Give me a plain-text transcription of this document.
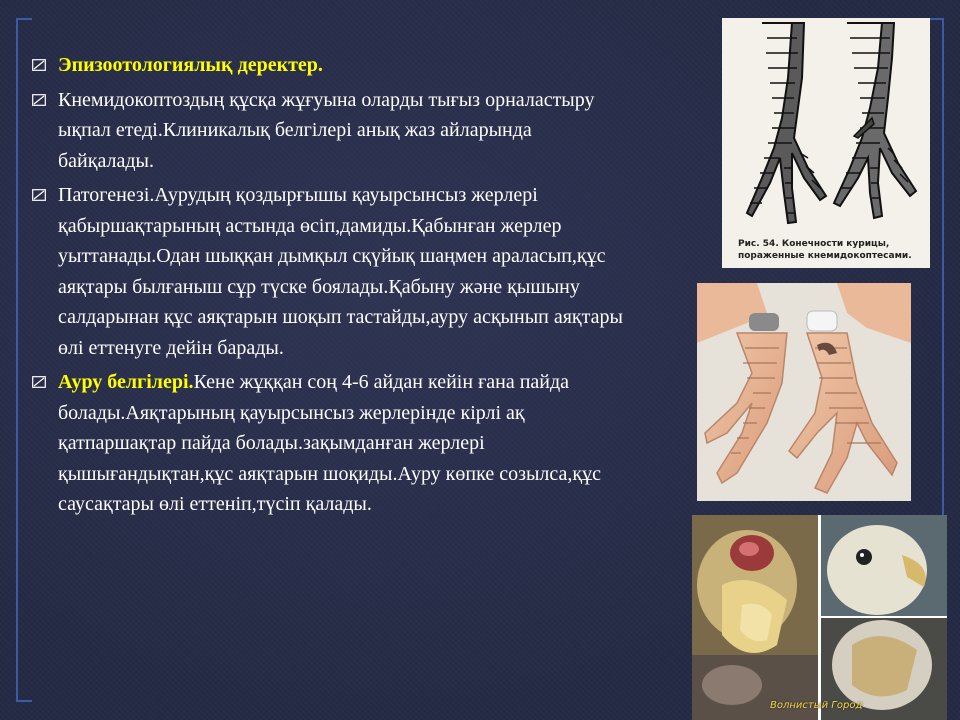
Эпизоотологиялық деректер.
Кнемидокоптоздың құсқа жұғуына оларды тығыз орналастыру ықпал етеді.Клиникалық белгілері анық жаз айларында байқалады.
Патогенезі.Аурудың қоздырғышы қауырсынсыз жерлері қабыршақтарының астында өсіп,дамиды.Қабынған жерлер уыттанады.Одан шыққан дымқыл сқүйық шаңмен араласып,құс аяқтары былғаныш сұр түске боялады.Қабыну және қышыну салдарынан құс аяқтарын шоқып тастайды,ауру асқынып аяқтары өлі еттенуге дейін барады.
Ауру белгілері.Кене жұққан соң 4-6 айдан кейін ғана пайда болады.Аяқтарының қауырсынсыз жерлерінде кірлі ақ қатпаршақтар пайда болады.зақымданған жерлері қышығандықтан,құс аяқтарын шоқиды.Ауру көпке созылса,құс саусақтары өлі еттеніп,түсіп қалады.
Рис. 54. Конечности курицы, пораженные кнемидокоптесами.
Волнистый Город
